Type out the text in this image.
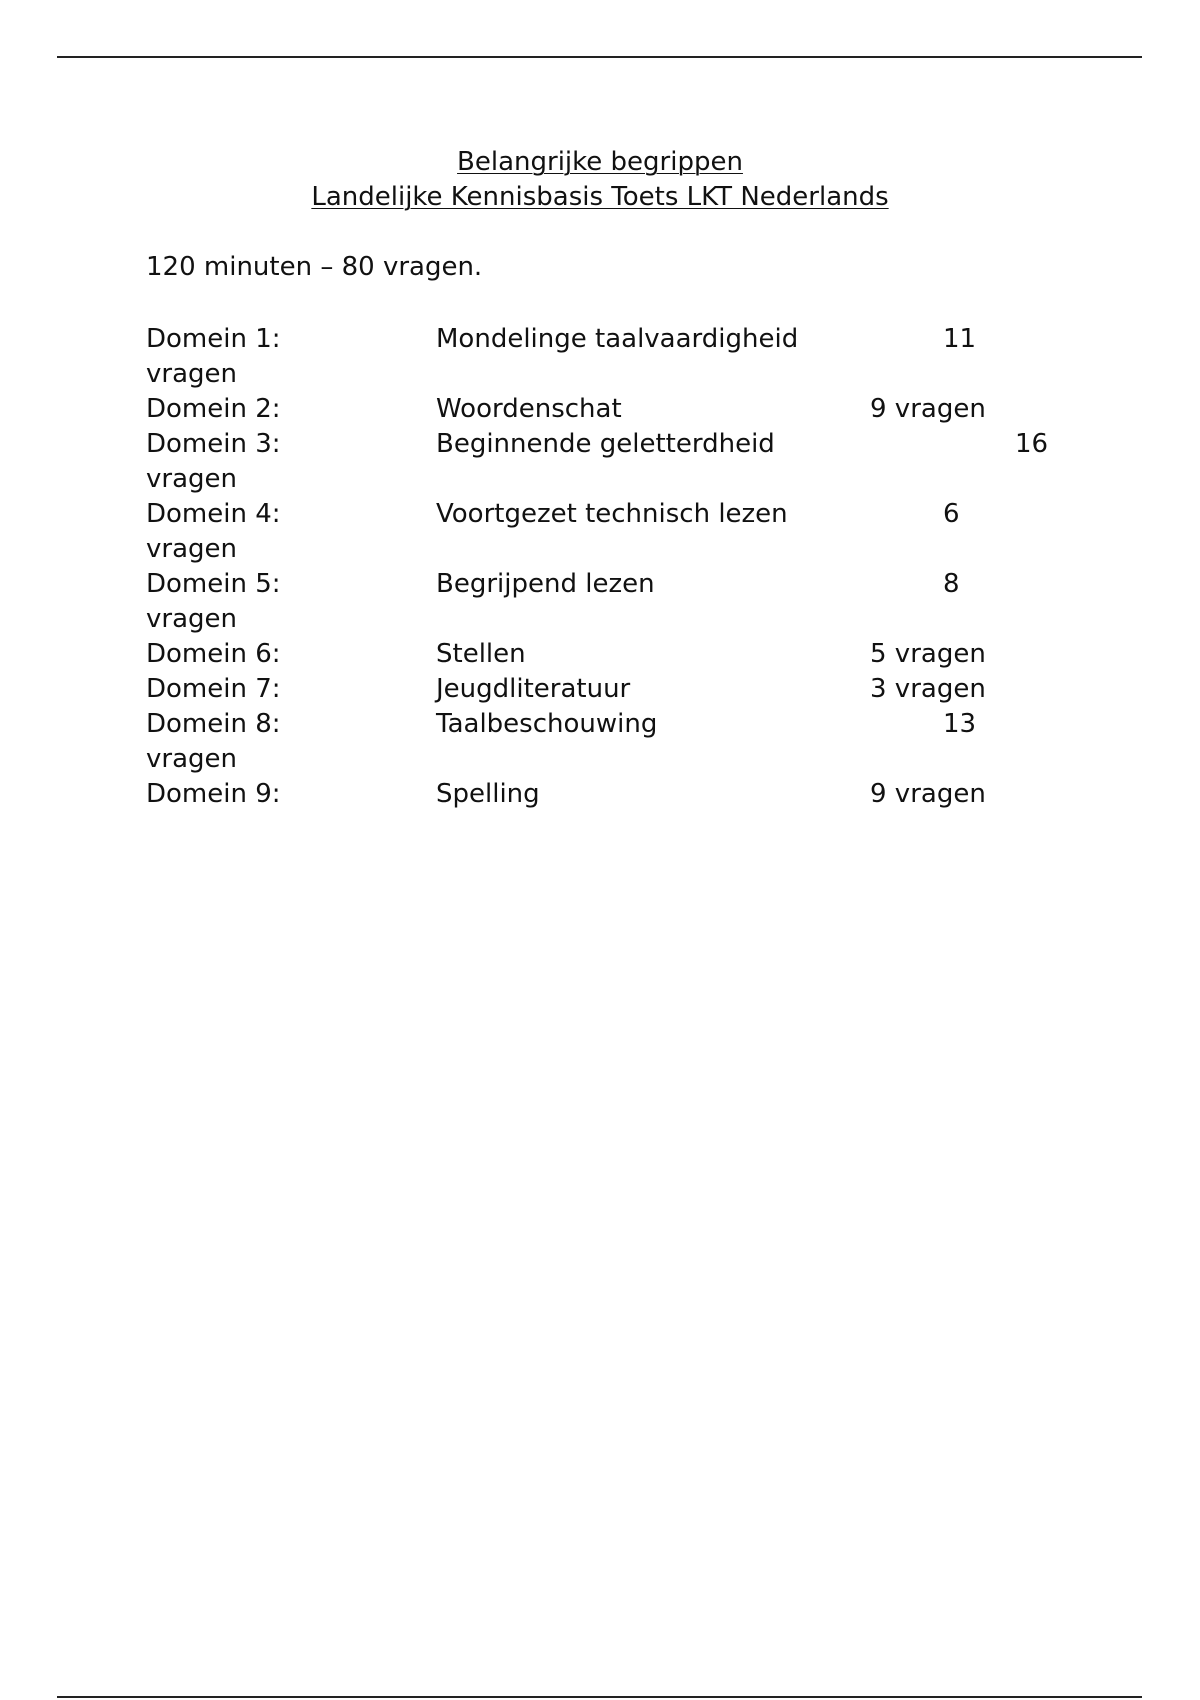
Belangrijke begrippen
Landelijke Kennisbasis Toets LKT Nederlands
120 minuten – 80 vragen.
Domein 1:	Mondelinge taalvaardigheid	11
vragen
Domein 2:	Woordenschat	9 vragen
Domein 3:	Beginnende geletterdheid	16
vragen
Domein 4:	Voortgezet technisch lezen	6
vragen
Domein 5:	Begrijpend lezen	8
vragen
Domein 6:	Stellen	5 vragen
Domein 7:	Jeugdliteratuur	3 vragen
Domein 8:	Taalbeschouwing	13
vragen
Domein 9:	Spelling	9 vragen
